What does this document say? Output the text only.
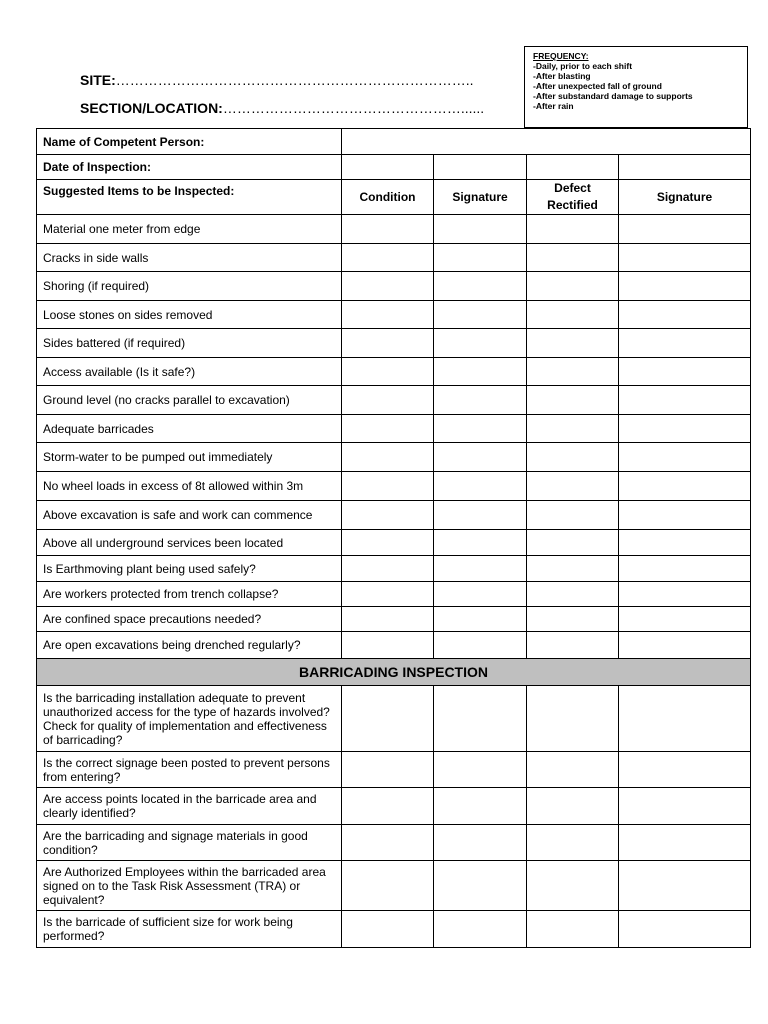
SITE:…………………………………………………………………..
SECTION/LOCATION:……………………………………………......
FREQUENCY:
-Daily, prior to each shift
-After blasting
-After unexpected fall of ground
-After substandard damage to supports
-After rain
Name of Competent Person:				
Date of Inspection:				
Suggested Items to be Inspected:	Condition	Signature	Defect Rectified	Signature
Material one meter from edge				
Cracks in side walls				
Shoring (if required)				
Loose stones on sides removed				
Sides battered (if required)				
Access available (Is it safe?)				
Ground level (no cracks parallel to excavation)				
Adequate barricades				
Storm-water to be pumped out immediately				
No wheel loads in excess of 8t allowed within 3m				
Above excavation is safe and work can commence				
Above all underground services been located				
Is Earthmoving plant being used safely?				
Are workers protected from trench collapse?				
Are confined space precautions needed?				
Are open excavations being drenched regularly?				
BARRICADING INSPECTION				
Is the barricading installation adequate to prevent unauthorized access for the type of hazards involved? Check for quality of implementation and effectiveness of barricading?				
Is the correct signage been posted to prevent persons from entering?				
Are access points located in the barricade area and clearly identified?				
Are the barricading and signage materials in good condition?				
Are Authorized Employees within the barricaded area signed on to the Task Risk Assessment (TRA) or equivalent?				
Is the barricade of sufficient size for work being performed?				
